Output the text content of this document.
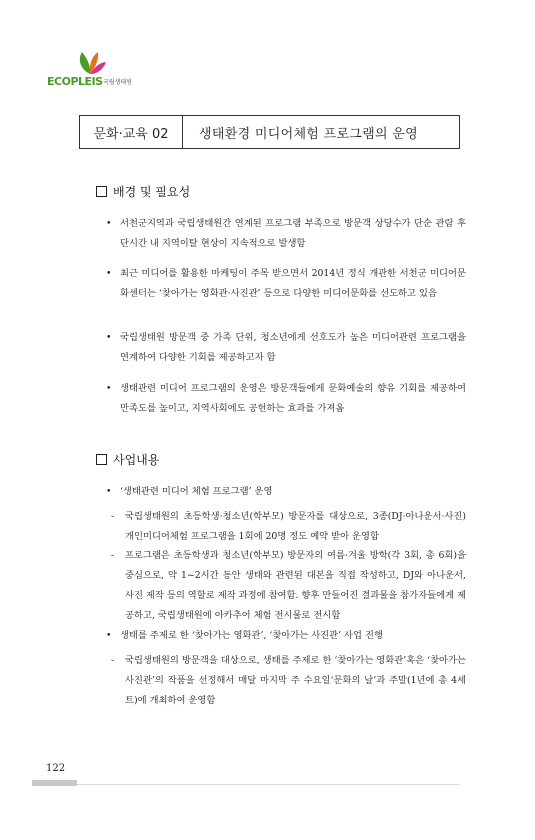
ECOPLEIS 국립생태원
문화·교육 02	생태환경 미디어체험 프로그램의 운영
배경 및 필요성
• 서천군지역과 국립생태원간 연계된 프로그램 부족으로 방문객 상당수가 단순 관람 후 단시간 내 지역이탈 현상이 지속적으로 발생함
• 최근 미디어를 활용한 마케팅이 주목 받으면서 2014년 정식 개관한 서천군 미디어문화센터는 ‘찾아가는 영화관·사진관’ 등으로 다양한 미디어문화를 선도하고 있음
• 국립생태원 방문객 중 가족 단위, 청소년에게 선호도가 높은 미디어관련 프로그램을 연계하여 다양한 기회를 제공하고자 함
• 생태관련 미디어 프로그램의 운영은 방문객들에게 문화예술의 향유 기회를 제공하여 만족도를 높이고, 지역사회에도 공헌하는 효과를 가져옴
사업내용
• ‘생태관련 미디어 체험 프로그램’ 운영
- 국립생태원의 초등학생·청소년(학부모) 방문자를 대상으로, 3종(DJ·아나운서·사진) 개인미디어체험 프로그램을 1회에 20명 정도 예약 받아 운영함
- 프로그램은 초등학생과 청소년(학부모) 방문자의 여름·겨울 방학(각 3회, 총 6회)을 중심으로, 약 1~2시간 동안 생태와 관련된 대본을 직접 작성하고, DJ와 아나운서, 사진 제작 등의 역할로 제작 과정에 참여함. 향후 만들어진 결과물을 참가자들에게 제공하고, 국립생태원에 아카추어 체험 전시물로 전시함
• 생태를 주제로 한 ‘찾아가는 영화관’, ‘찾아가는 사진관’ 사업 진행
- 국립생태원의 방문객을 대상으로, 생태를 주제로 한 ‘찾아가는 영화관’혹은 ‘찾아가는 사진관’의 작품을 선정해서 매달 마지막 주 수요일‘문화의 날’과 주말(1년에 총 4세트)에 개최하여 운영함
122
